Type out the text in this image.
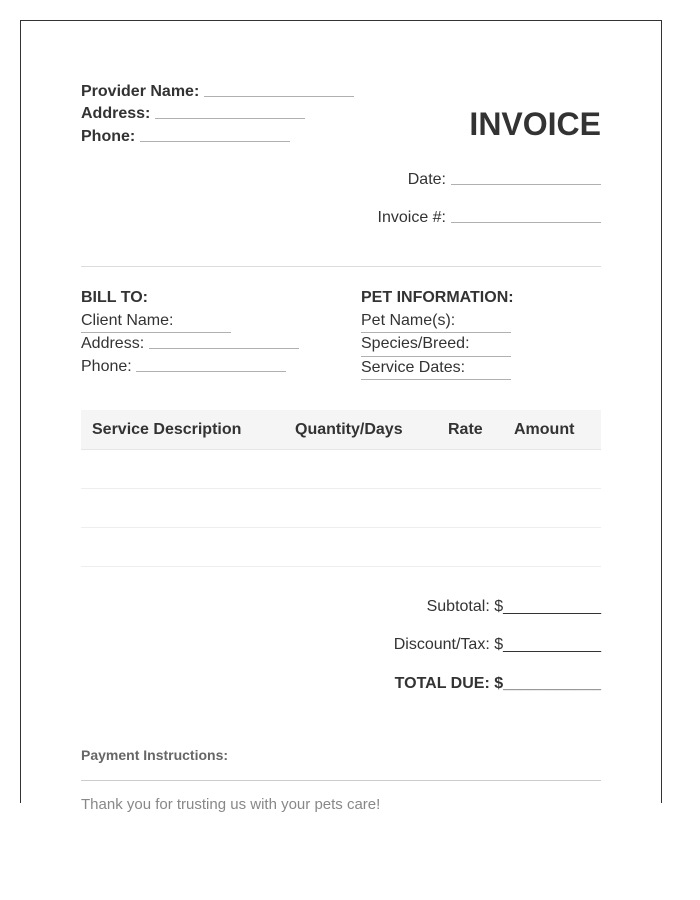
Provider Name:
Address:
Phone:	INVOICE
Date:
Invoice #:
BILL TO:
Client Name:
Address:
Phone:
PET INFORMATION:
Pet Name(s):
Species/Breed:
Service Dates:
Service Description	Quantity/Days	Rate Amount
Subtotal: $___________
Discount/Tax: $___________
TOTAL DUE: $___________
Payment Instructions:
Thank you for trusting us with your pets care!
